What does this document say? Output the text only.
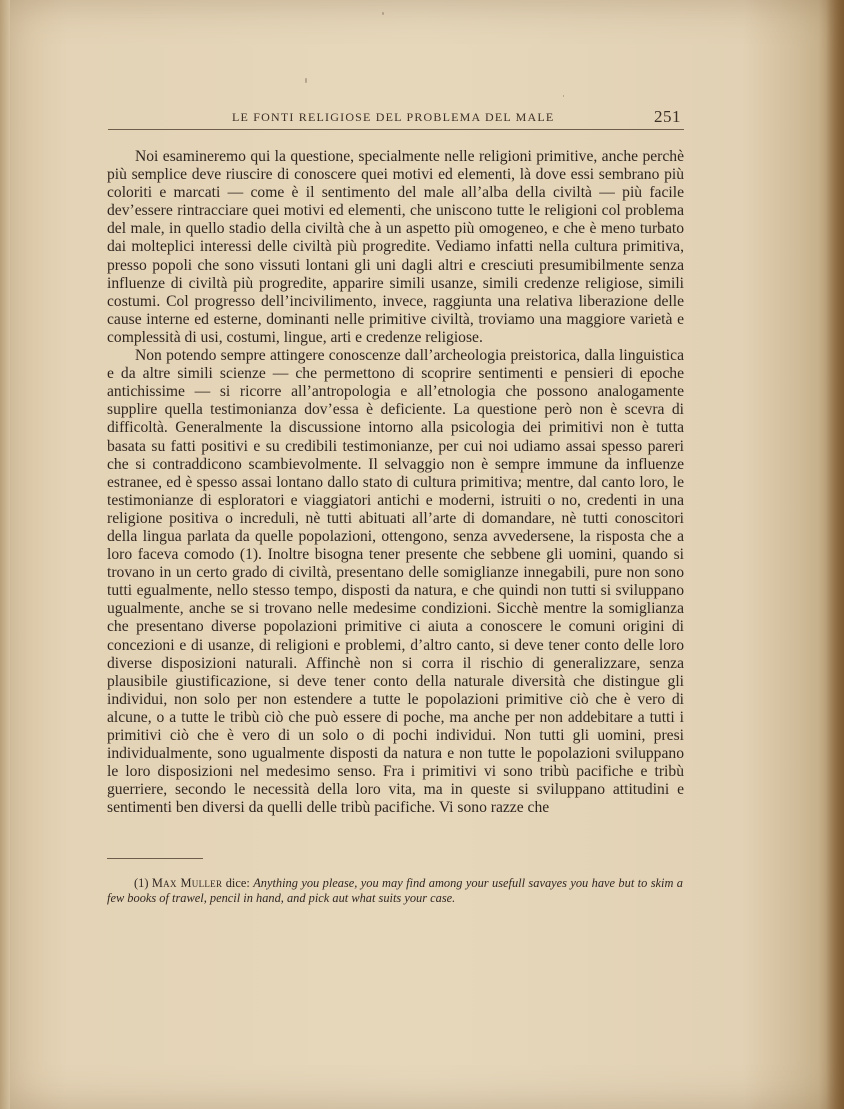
LE FONTI RELIGIOSE DEL PROBLEMA DEL MALE	251

Noi esamineremo qui la questione, specialmente nelle religioni primitive, anche perchè più semplice deve riuscire di conoscere quei motivi ed elementi, là dove essi sembrano più coloriti e marcati — come è il sentimento del male all’alba della civiltà — più facile dev’essere rintracciare quei motivi ed elementi, che uniscono tutte le religioni col problema del male, in quello stadio della civiltà che à un aspetto più omogeneo, e che è meno turbato dai molteplici interessi delle civiltà più progredite. Vediamo infatti nella cultura primitiva, presso popoli che sono vissuti lontani gli uni dagli altri e cresciuti presumibilmente senza influenze di civiltà più progredite, apparire simili usanze, simili credenze religiose, simili costumi. Col progresso dell’incivilimento, invece, raggiunta una relativa liberazione delle cause interne ed esterne, dominanti nelle primitive civiltà, troviamo una maggiore varietà e complessità di usi, costumi, lingue, arti e credenze religiose.

Non potendo sempre attingere conoscenze dall’archeologia preistorica, dalla linguistica e da altre simili scienze — che permettono di scoprire sentimenti e pensieri di epoche antichissime — si ricorre all’antropologia e all’etnologia che possono analogamente supplire quella testimonianza dov’essa è deficiente. La questione però non è scevra di difficoltà. Generalmente la discussione intorno alla psicologia dei primitivi non è tutta basata su fatti positivi e su credibili testimonianze, per cui noi udiamo assai spesso pareri che si contraddicono scambievolmente. Il selvaggio non è sempre immune da influenze estranee, ed è spesso assai lontano dallo stato di cultura primitiva; mentre, dal canto loro, le testimonianze di esploratori e viaggiatori antichi e moderni, istruiti o no, credenti in una religione positiva o increduli, nè tutti abituati all’arte di domandare, nè tutti conoscitori della lingua parlata da quelle popolazioni, ottengono, senza avvedersene, la risposta che a loro faceva comodo (1). Inoltre bisogna tener presente che sebbene gli uomini, quando si trovano in un certo grado di civiltà, presentano delle somiglianze innegabili, pure non sono tutti egualmente, nello stesso tempo, disposti da natura, e che quindi non tutti si sviluppano ugualmente, anche se si trovano nelle medesime condizioni. Sicchè mentre la somiglianza che presentano diverse popolazioni primitive ci aiuta a conoscere le comuni origini di concezioni e di usanze, di religioni e problemi, d’altro canto, si deve tener conto delle loro diverse disposizioni naturali. Affinchè non si corra il rischio di generalizzare, senza plausibile giustificazione, si deve tener conto della naturale diversità che distingue gli individui, non solo per non estendere a tutte le popolazioni primitive ciò che è vero di alcune, o a tutte le tribù ciò che può essere di poche, ma anche per non addebitare a tutti i primitivi ciò che è vero di un solo o di pochi individui. Non tutti gli uomini, presi individualmente, sono ugualmente disposti da natura e non tutte le popolazioni sviluppano le loro disposizioni nel medesimo senso. Fra i primitivi vi sono tribù pacifiche e tribù guerriere, secondo le necessità della loro vita, ma in queste si sviluppano attitudini e sentimenti ben diversi da quelli delle tribù pacifiche. Vi sono razze che

(1) Max Muller dice: Anything you please, you may find among your usefull savayes you have but to skim a few books of trawel, pencil in hand, and pick aut what suits your case.
